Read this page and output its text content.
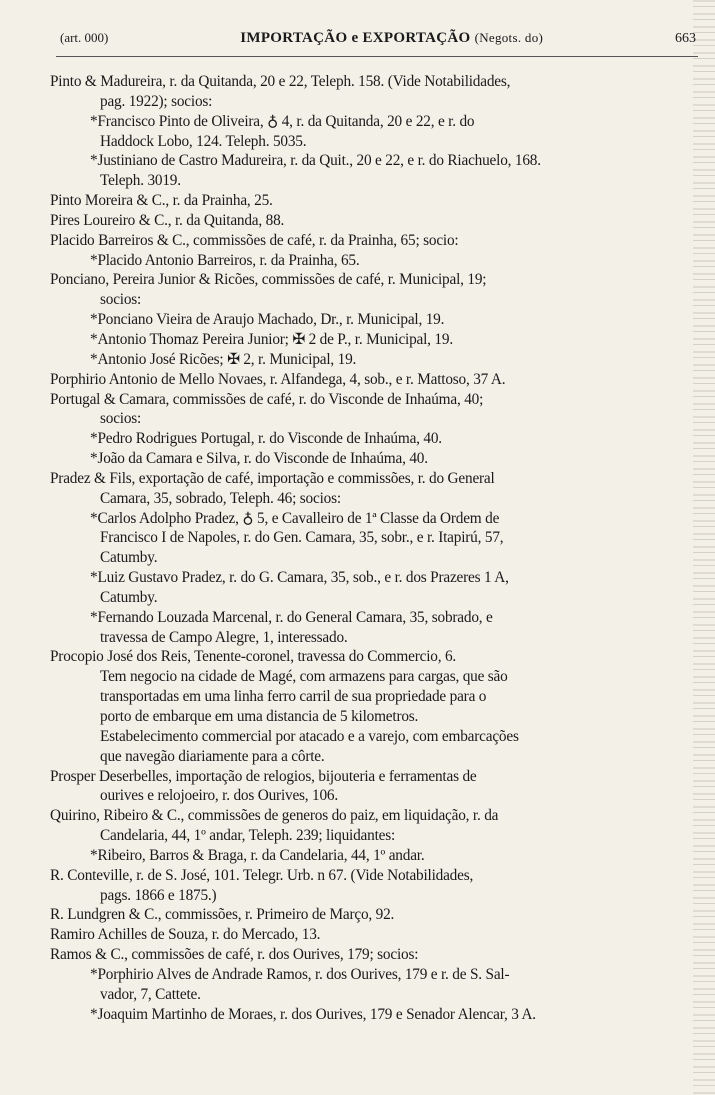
(art. 000)	IMPORTAÇÃO e EXPORTAÇÃO (Negots. do)	663
Pinto & Madureira, r. da Quitanda, 20 e 22, Teleph. 158. (Vide Notabilidades,
pag. 1922); socios:
*Francisco Pinto de Oliveira, ♁ 4, r. da Quitanda, 20 e 22, e r. do
Haddock Lobo, 124. Teleph. 5035.
*Justiniano de Castro Madureira, r. da Quit., 20 e 22, e r. do Riachuelo, 168.
Teleph. 3019.
Pinto Moreira & C., r. da Prainha, 25.
Pires Loureiro & C., r. da Quitanda, 88.
Placido Barreiros & C., commissões de café, r. da Prainha, 65; socio:
*Placido Antonio Barreiros, r. da Prainha, 65.
Ponciano, Pereira Junior & Ricões, commissões de café, r. Municipal, 19;
socios:
*Ponciano Vieira de Araujo Machado, Dr., r. Municipal, 19.
*Antonio Thomaz Pereira Junior; ✠ 2 de P., r. Municipal, 19.
*Antonio José Ricões; ✠ 2, r. Municipal, 19.
Porphirio Antonio de Mello Novaes, r. Alfandega, 4, sob., e r. Mattoso, 37 A.
Portugal & Camara, commissões de café, r. do Visconde de Inhaúma, 40;
socios:
*Pedro Rodrigues Portugal, r. do Visconde de Inhaúma, 40.
*João da Camara e Silva, r. do Visconde de Inhaúma, 40.
Pradez & Fils, exportação de café, importação e commissões, r. do General
Camara, 35, sobrado, Teleph. 46; socios:
*Carlos Adolpho Pradez, ♁ 5, e Cavalleiro de 1ª Classe da Ordem de
Francisco I de Napoles, r. do Gen. Camara, 35, sobr., e r. Itapirú, 57,
Catumby.
*Luiz Gustavo Pradez, r. do G. Camara, 35, sob., e r. dos Prazeres 1 A,
Catumby.
*Fernando Louzada Marcenal, r. do General Camara, 35, sobrado, e
travessa de Campo Alegre, 1, interessado.
Procopio José dos Reis, Tenente-coronel, travessa do Commercio, 6.
Tem negocio na cidade de Magé, com armazens para cargas, que são
transportadas em uma linha ferro carril de sua propriedade para o
porto de embarque em uma distancia de 5 kilometros.
Estabelecimento commercial por atacado e a varejo, com embarcações
que navegão diariamente para a côrte.
Prosper Deserbelles, importação de relogios, bijouteria e ferramentas de
ourives e relojoeiro, r. dos Ourives, 106.
Quirino, Ribeiro & C., commissões de generos do paiz, em liquidação, r. da
Candelaria, 44, 1º andar, Teleph. 239; liquidantes:
*Ribeiro, Barros & Braga, r. da Candelaria, 44, 1º andar.
R. Conteville, r. de S. José, 101. Telegr. Urb. n 67. (Vide Notabilidades,
pags. 1866 e 1875.)
R. Lundgren & C., commissões, r. Primeiro de Março, 92.
Ramiro Achilles de Souza, r. do Mercado, 13.
Ramos & C., commissões de café, r. dos Ourives, 179; socios:
*Porphirio Alves de Andrade Ramos, r. dos Ourives, 179 e r. de S. Sal-
vador, 7, Cattete.
*Joaquim Martinho de Moraes, r. dos Ourives, 179 e Senador Alencar, 3 A.
